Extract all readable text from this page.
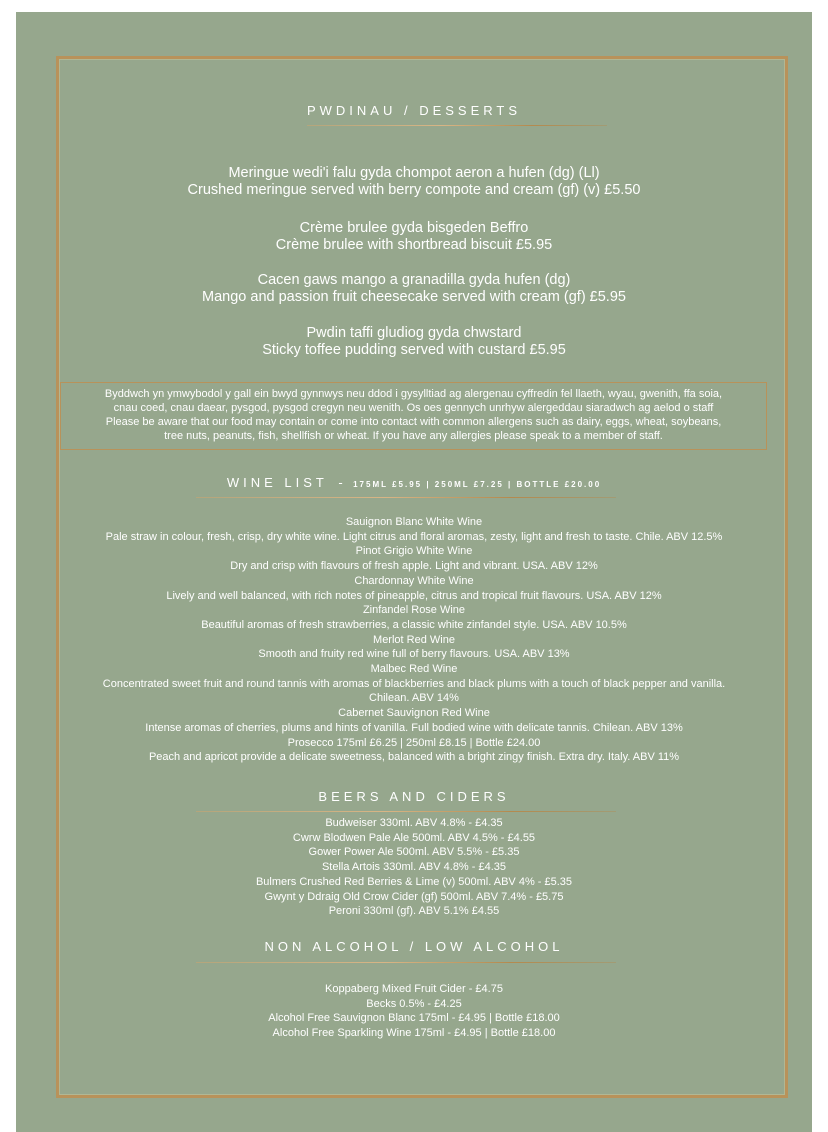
PWDINAU / DESSERTS
Meringue wedi'i falu gyda chompot aeron a hufen (dg) (Ll)
Crushed meringue served with berry compote and cream (gf) (v) £5.50
Crème brulee gyda bisgeden Beffro
Crème brulee with shortbread biscuit £5.95
Cacen gaws mango a granadilla gyda hufen (dg)
Mango and passion fruit cheesecake served with cream (gf) £5.95
Pwdin taffi gludiog gyda chwstard
Sticky toffee pudding served with custard £5.95
Byddwch yn ymwybodol y gall ein bwyd gynnwys neu ddod i gysylltiad ag alergenau cyffredin fel llaeth, wyau, gwenith, ffa soia,
cnau coed, cnau daear, pysgod, pysgod cregyn neu wenith. Os oes gennych unrhyw alergeddau siaradwch ag aelod o staff
Please be aware that our food may contain or come into contact with common allergens such as dairy, eggs, wheat, soybeans,
tree nuts, peanuts, fish, shellfish or wheat. If you have any allergies please speak to a member of staff.
WINE LIST - 175ML £5.95 | 250ML £7.25 | BOTTLE £20.00
Sauignon Blanc White Wine
Pale straw in colour, fresh, crisp, dry white wine. Light citrus and floral aromas, zesty, light and fresh to taste. Chile. ABV 12.5%
Pinot Grigio White Wine
Dry and crisp with flavours of fresh apple. Light and vibrant. USA. ABV 12%
Chardonnay White Wine
Lively and well balanced, with rich notes of pineapple, citrus and tropical fruit flavours. USA. ABV 12%
Zinfandel Rose Wine
Beautiful aromas of fresh strawberries, a classic white zinfandel style. USA. ABV 10.5%
Merlot Red Wine
Smooth and fruity red wine full of berry flavours. USA. ABV 13%
Malbec Red Wine
Concentrated sweet fruit and round tannis with aromas of blackberries and black plums with a touch of black pepper and vanilla.
Chilean. ABV 14%
Cabernet Sauvignon Red Wine
Intense aromas of cherries, plums and hints of vanilla. Full bodied wine with delicate tannis. Chilean. ABV 13%
Prosecco 175ml £6.25 | 250ml £8.15 | Bottle £24.00
Peach and apricot provide a delicate sweetness, balanced with a bright zingy finish. Extra dry. Italy. ABV 11%
BEERS AND CIDERS
Budweiser 330ml. ABV 4.8% - £4.35
Cwrw Blodwen Pale Ale 500ml. ABV 4.5% - £4.55
Gower Power Ale 500ml. ABV 5.5% - £5.35
Stella Artois 330ml. ABV 4.8% - £4.35
Bulmers Crushed Red Berries & Lime (v) 500ml. ABV 4% - £5.35
Gwynt y Ddraig Old Crow Cider (gf) 500ml. ABV 7.4% - £5.75
Peroni 330ml (gf). ABV 5.1% £4.55
NON ALCOHOL / LOW ALCOHOL
Koppaberg Mixed Fruit Cider - £4.75
Becks 0.5% - £4.25
Alcohol Free Sauvignon Blanc 175ml - £4.95 | Bottle £18.00
Alcohol Free Sparkling Wine 175ml - £4.95 | Bottle £18.00
